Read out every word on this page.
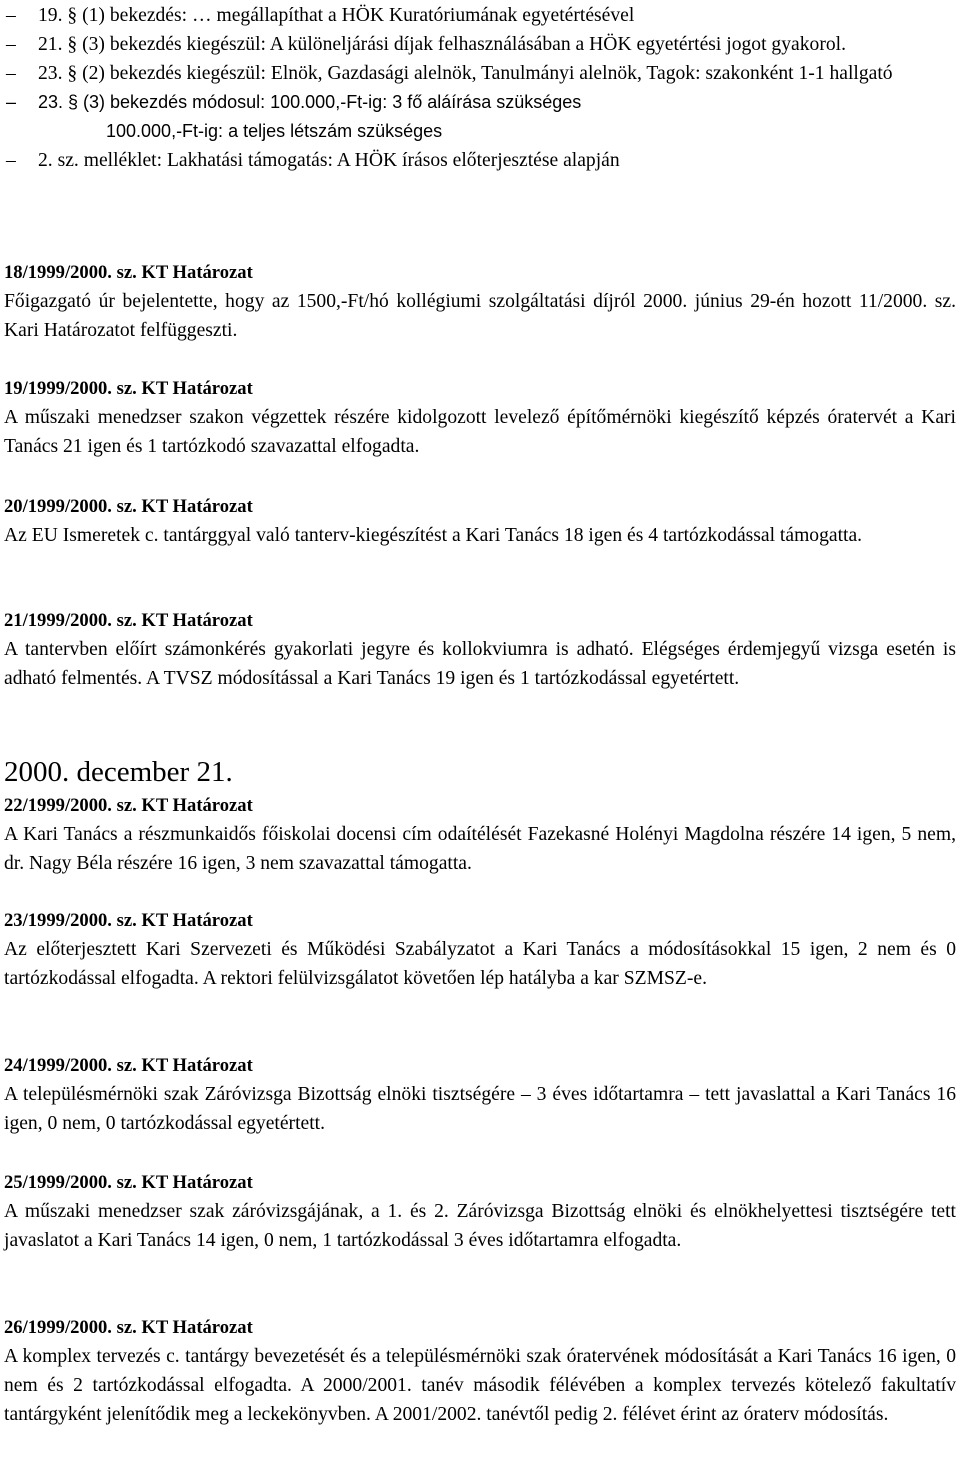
– 19. § (1) bekezdés: … megállapíthat a HÖK Kuratóriumának egyetértésével
– 21. § (3) bekezdés kiegészül: A különeljárási díjak felhasználásában a HÖK egyetértési jogot gyakorol.
– 23. § (2) bekezdés kiegészül: Elnök, Gazdasági alelnök, Tanulmányi alelnök, Tagok: szakonként 1-1 hallgató
– 23. § (3) bekezdés módosul: 100.000,-Ft-ig: 3 fő aláírása szükséges
100.000,-Ft-ig: a teljes létszám szükséges
– 2. sz. melléklet: Lakhatási támogatás: A HÖK írásos előterjesztése alapján
18/1999/2000. sz. KT Határozat
Főigazgató úr bejelentette, hogy az 1500,-Ft/hó kollégiumi szolgáltatási díjról 2000. június 29-én hozott 11/2000. sz. Kari Határozatot felfüggeszti.
19/1999/2000. sz. KT Határozat
A műszaki menedzser szakon végzettek részére kidolgozott levelező építőmérnöki kiegészítő képzés óratervét a Kari Tanács 21 igen és 1 tartózkodó szavazattal elfogadta.
20/1999/2000. sz. KT Határozat
Az EU Ismeretek c. tantárggyal való tanterv-kiegészítést a Kari Tanács 18 igen és 4 tartózkodással támogatta.
21/1999/2000. sz. KT Határozat
A tantervben előírt számonkérés gyakorlati jegyre és kollokviumra is adható. Elégséges érdemjegyű vizsga esetén is adható felmentés. A TVSZ módosítással a Kari Tanács 19 igen és 1 tartózkodással egyetértett.
2000. december 21.
22/1999/2000. sz. KT Határozat
A Kari Tanács a részmunkaidős főiskolai docensi cím odaítélését Fazekasné Holényi Magdolna részére 14 igen, 5 nem, dr. Nagy Béla részére 16 igen, 3 nem szavazattal támogatta.
23/1999/2000. sz. KT Határozat
Az előterjesztett Kari Szervezeti és Működési Szabályzatot a Kari Tanács a módosításokkal 15 igen, 2 nem és 0 tartózkodással elfogadta. A rektori felülvizsgálatot követően lép hatályba a kar SZMSZ-e.
24/1999/2000. sz. KT Határozat
A településmérnöki szak Záróvizsga Bizottság elnöki tisztségére – 3 éves időtartamra – tett javaslattal a Kari Tanács 16 igen, 0 nem, 0 tartózkodással egyetértett.
25/1999/2000. sz. KT Határozat
A műszaki menedzser szak záróvizsgájának, a 1. és 2. Záróvizsga Bizottság elnöki és elnökhelyettesi tisztségére tett javaslatot a Kari Tanács 14 igen, 0 nem, 1 tartózkodással 3 éves időtartamra elfogadta.
26/1999/2000. sz. KT Határozat
A komplex tervezés c. tantárgy bevezetését és a településmérnöki szak óratervének módosítását a Kari Tanács 16 igen, 0 nem és 2 tartózkodással elfogadta. A 2000/2001. tanév második félévében a komplex tervezés kötelező fakultatív tantárgyként jelenítődik meg a leckekönyvben. A 2001/2002. tanévtől pedig 2. félévet érint az óraterv módosítás.
